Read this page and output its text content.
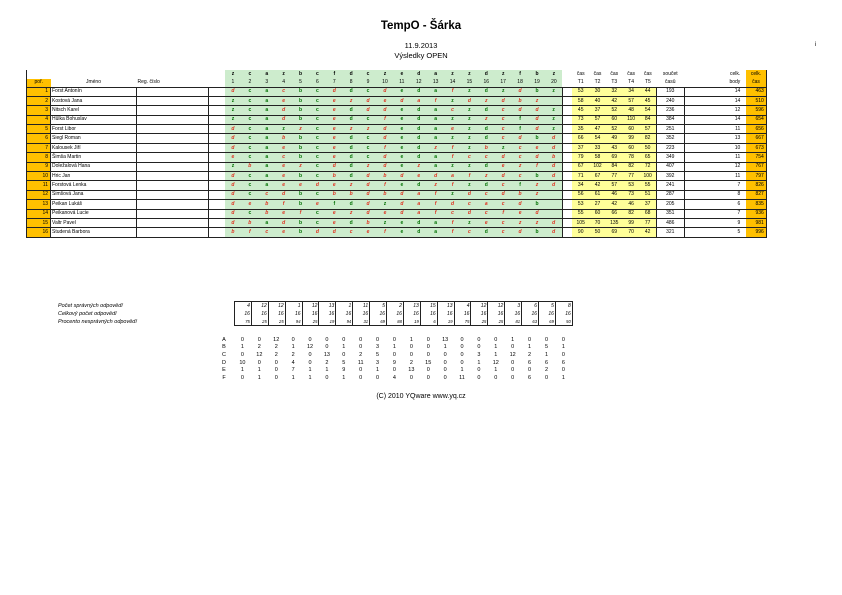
TempO - Šárka
11.9.2013
Výsledky OPEN
i
				z	c	a	z	b	c	f	d	c	z	e	d	a	z	z	d	z	f	b	z		čas	čas	čas	čas	čas	součet		celk.		celk.
poř.	Jméno	Reg. číslo		1	2	3	4	5	6	7	8	9	10	11	12	13	14	15	16	17	18	19	20		T1	T2	T3	T4	T5	časů		body		čas
1	Forst Antonín			d	c	a	c	b	c	d	d	c	d	e	d	a	f	z	d	z	d	b	z		53	30	32	34	44	193		14		463
2	Kostová Jana			z	c	a	e	b	c	e	z	d	e	d	a	f	z	d	z	d	b	z			58	40	42	57	45	240		14		510
3	Nitsch Karel			z	c	a	d	b	c	e	d	d	d	e	d	a	c	z	d	c	d	d	z		45	37	52	48	54	236		12		596
4	Hůlka Bohuslav			z	c	a	d	b	c	e	d	c	f	e	d	a	z	z	z	c	f	d	z		73	57	60	110	84	384		14		654
5	Forst Libor			d	c	a	z	z	c	e	z	z	d	e	d	a	e	z	d	c	f	d	z		35	47	52	60	57	251		11		656
6	Siegl Roman			d	c	a	b	b	c	e	d	c	d	e	d	a	z	z	d	c	d	b	d		66	54	49	99	82	352		13		667
7	Kalousek Jiří			d	c	a	e	b	c	e	d	c	f	e	d	z	f	z	b	z	c	e	d		37	33	43	60	50	223		10		673
8	Šimša Martin			e	c	a	c	b	c	e	d	c	d	e	d	a	f	c	c	d	c	d	b		79	58	69	78	65	349		11		754
9	Doležalová Hana			z	b	a	e	z	c	d	d	z	d	e	z	a	z	z	d	e	z	f	d		67	102	84	82	72	407		12		767
10	Hric Jan			d	c	a	e	b	c	b	d	d	b	d	e	d	a	f	z	d	c	b	d		71	67	77	77	100	392		11		797
11	Forstová Lenka			d	c	a	e	e	d	e	z	d	f	e	d	z	f	z	d	c	f	z	d		34	42	57	53	55	241		7		826
12	Šimšová Jana			d	c	c	d	b	c	b	b	d	b	d	a	f	z	d	c	d	b	z			56	61	46	73	51	287		8		827
13	Peikan Lukáš			d	e	b	f	b	e	f	d	d	z	d	a	f	d	c	a	c	d	b			53	27	42	46	37	205		6		835
14	Peikanová Lucie			d	c	b	e	f	c	e	z	d	e	d	a	f	c	d	c	f	e	d			55	60	66	82	68	351		7		936
15	Valtr Pavel			d	b	a	d	b	c	e	d	b	z	e	d	a	f	z	e	c	z	z	d		105	70	135	99	77	486		9		981
16	Studená Barbora			b	f	c	e	b	d	d	c	e	f	e	d	a	f	c	d	c	d	b	d		90	50	69	70	42	321		5		996
Počet správných odpovědí
Celkový počet odpovědí
Procento nesprávných odpovědí
4	12	12	1	12	13	1	11	5	2	13	15	13	4	12	12	3	6	5	8
16	16	16	16	16	16	16	16	16	16	16	16	16	16	16	16	16	16	16	16
75	25	25	94	25	19	94	31	69	88	19	6	19	75	25	25	81	63	69	50
A	0	0	12	0	0	0	0	0	0	0	1	0	13	0	0	0	1	0	0	0
B	1	2	2	1	12	0	1	0	3	1	0	0	1	0	0	1	0	1	5	1
C	0	12	2	2	0	13	0	2	5	0	0	0	0	0	3	1	12	2	1	0
D	10	0	0	4	0	2	5	11	3	9	2	15	0	0	1	12	0	6	6	6
E	1	1	0	7	1	1	9	0	1	0	13	0	0	1	0	1	0	0	2	0
F	0	1	0	1	1	0	1	0	0	4	0	0	0	11	0	0	0	6	0	1
(C) 2010 YQware www.yq.cz
